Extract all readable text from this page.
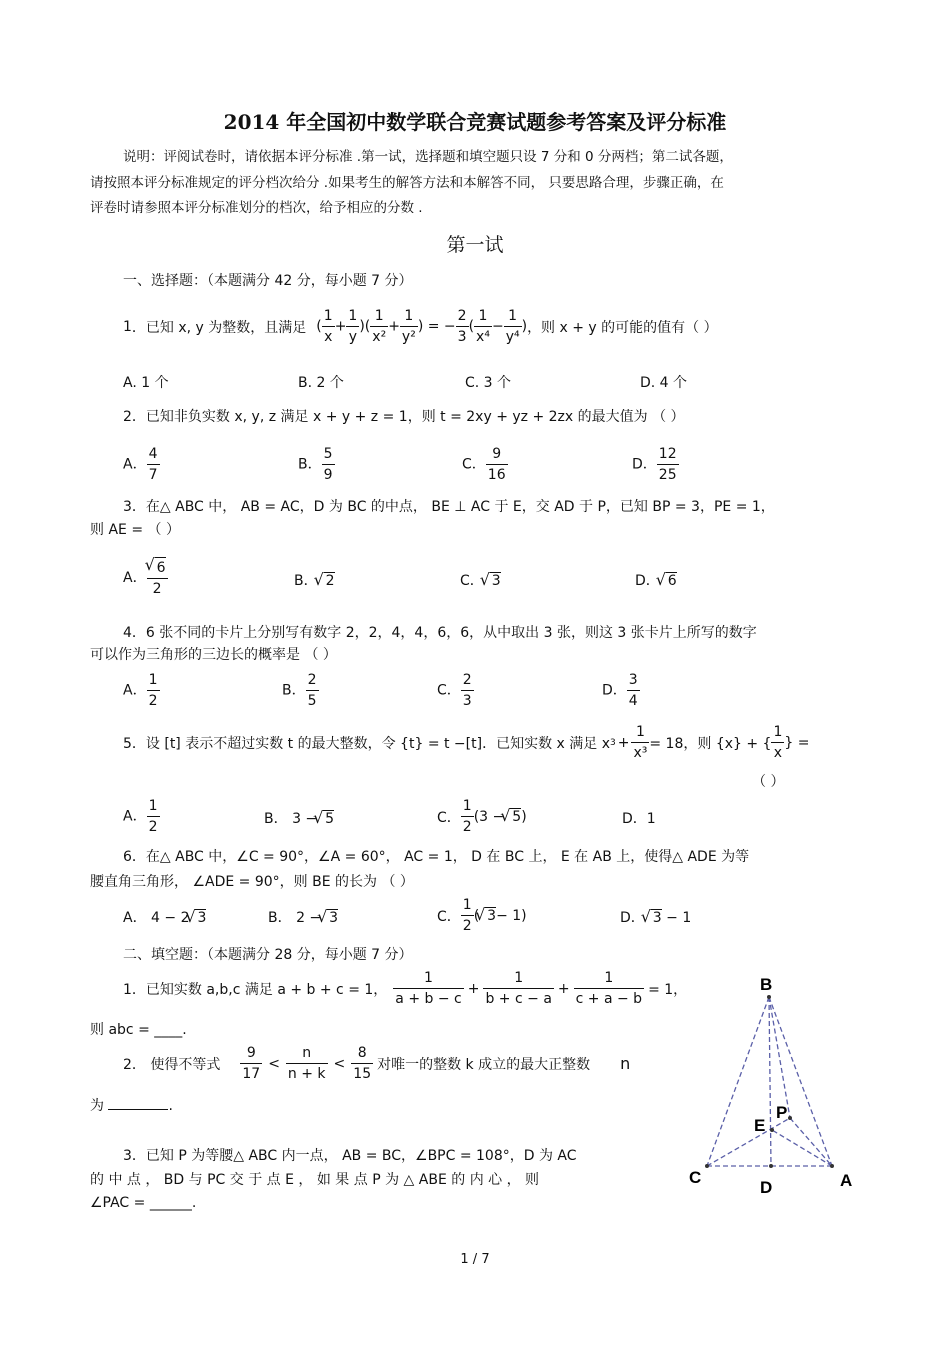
2014 年全国初中数学联合竞赛试题参考答案及评分标准
说明：评阅试卷时，请依据本评分标准 .第一试，选择题和填空题只设 7 分和 0 分两档；第二试各题，
请按照本评分标准规定的评分档次给分 .如果考生的解答方法和本解答不同， 只要思路合理，步骤正确，在
评卷时请参照本评分标准划分的档次，给予相应的分数 .
第一试
一、选择题：（本题满分 42 分，每小题 7 分）
1 ．已知 x, y 为整数，且满足 ( $\frac{1}{x} + \frac{1}{y}$ )( $\frac{1}{\text{x²}} + \frac{1}{\text{y²}}$ ) = − $\frac{2}{3}$ ( $\frac{1}{\text{x⁴}} - \frac{1}{\text{y⁴}}$ ) ，则 x + y 的可能的值有（ ）
A. 1 个	B. 2 个	C. 3 个	D. 4 个
2．已知非负实数 x, y, z 满足 x + y + z = 1，则 t = 2xy + yz + 2zx 的最大值为 （ ）
A． $\frac{4}{7}$	B． $\frac{5}{9}$	C． $\frac{9}{16}$	D． $\frac{12}{25}$
3．在△ ABC 中， AB = AC，D 为 BC 的中点， BE ⊥ AC 于 E，交 AD 于 P，已知 BP = 3，PE = 1，
则 AE = （ ）
A． √ $\frac{6}{2}$	B． √ 2	C． √ 3	D． √ 6
4．6 张不同的卡片上分别写有数字 2，2，4，4，6，6，从中取出 3 张，则这 3 张卡片上所写的数字
可以作为三角形的三边长的概率是 （ ）
A． $\frac{1}{2}$	B． $\frac{2}{5}$	C． $\frac{2}{3}$	D． $\frac{3}{4}$
5．设 [t] 表示不超过实数 t 的最大整数，令 {t} = t −[t]．已知实数 x 满足 x $3 + \frac{1}{\text{x³}} = 18$，则 {x} + { $\frac{1}{x}$ } =
（ ）
A． $\frac{1}{2}$	B． 3 − √ 5	C． $\frac{1}{2} (3$ − √ 5 )	D．1
6．在△ ABC 中，∠C = 90°，∠A = 60°， AC = 1， D 在 BC 上， E 在 AB 上，使得△ ADE 为等
腰直角三角形， ∠ADE = 90°，则 BE 的长为 （ ）
A． 4 − 2 √ 3	B． 2 − √ 3	C． $\frac{1}{2}$ ( √ 3 − 1)	D． √ 3 − 1
二、填空题：（本题满分 28 分，每小题 7 分）
1．已知实数 a,b,c 满足 a + b + c = 1， $\frac{1}{a + b - c} + \frac{1}{b + c - a} + \frac{1}{c + a - b} = 1$，
则 abc = ____.
2． 使得不等式 $\frac{9}{17} < \frac{n}{n + k} < \frac{8}{15}$ 对唯一的整数 k 成立的最大正整数 n
为	.
3．已知 P 为等腰△ ABC 内一点， AB = BC，∠BPC = 108°，D 为 AC
的 中 点 ， BD 与 PC 交 于 点 E ， 如 果 点 P 为 △ ABE 的 内 心 ， 则
∠PAC = ______.
B
P
E
C
D	A
1 / 7
